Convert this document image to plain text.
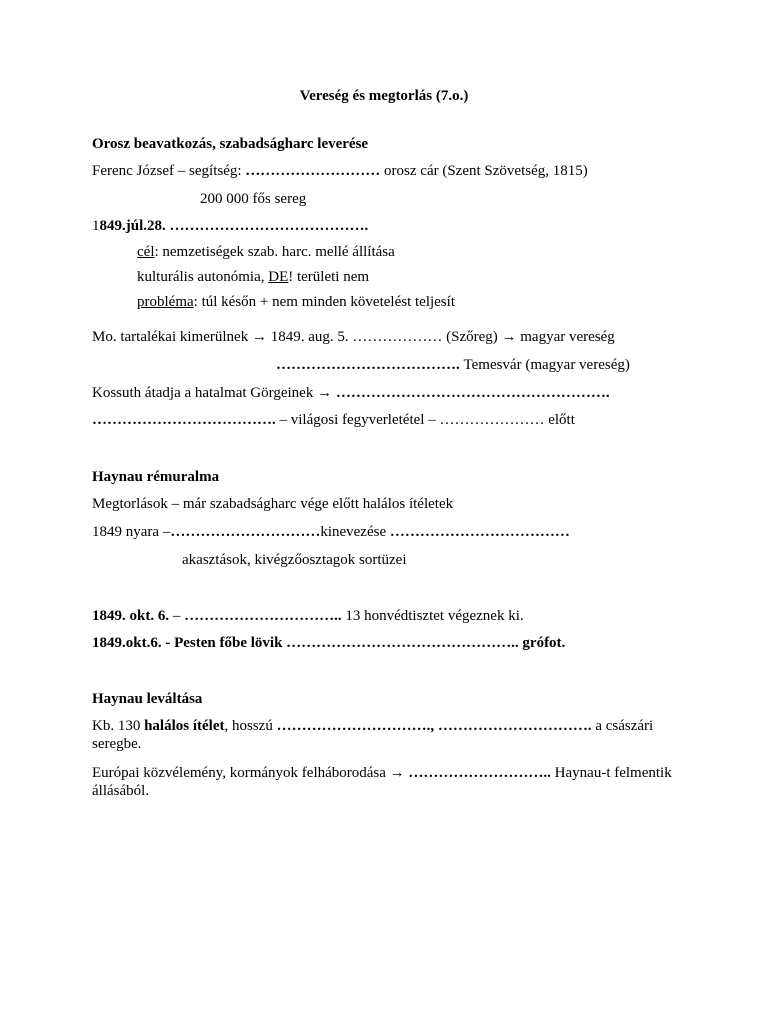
Vereség és megtorlás (7.o.)
Orosz beavatkozás, szabadságharc leverése
Ferenc József – segítség: ……………………… orosz cár (Szent Szövetség, 1815)
200 000 fős sereg
1849.júl.28. ………………………………….
cél: nemzetiségek szab. harc. mellé állítása
kulturális autonómia, DE! területi nem
probléma: túl későn + nem minden követelést teljesít
Mo. tartalékai kimerülnek → 1849. aug. 5. ……………… (Szőreg) → magyar vereség
………………………………. Temesvár (magyar vereség)
Kossuth átadja a hatalmat Görgeinek → ……………………………………………….
………………………………. – világosi fegyverletétel – ………………… előtt
Haynau rémuralma
Megtorlások – már szabadságharc vége előtt halálos ítéletek
1849 nyara –…………………………kinevezése ………………………………
akasztások, kivégzőosztagok sortüzei
1849. okt. 6. – ………………………….. 13 honvédtisztet végeznek ki.
1849.okt.6. - Pesten főbe lövik ……………………………………….. grófot.
Haynau leváltása
Kb. 130 halálos ítélet, hosszú …………………………., …………………………. a császári seregbe.
Európai közvélemény, kormányok felháborodása → ……………………….. Haynau-t felmentik állásából.
